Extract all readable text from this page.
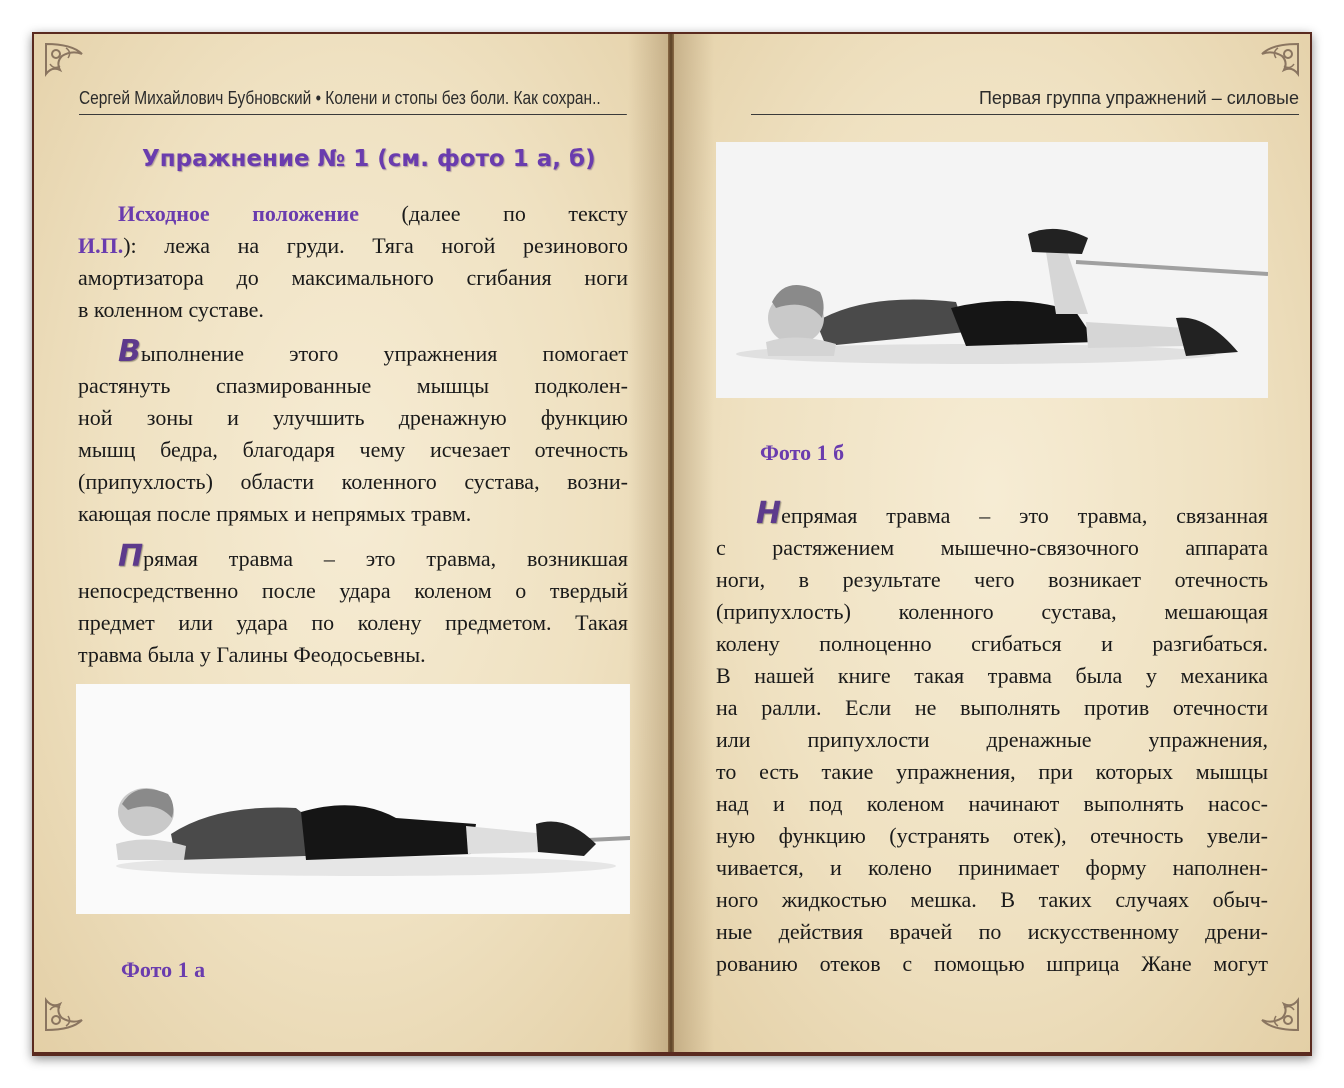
Сергей Михайлович Бубновский • Колени и стопы без боли. Как сохран..
Упражнение № 1 (см. фото 1 а, б)
Исходное положение (далее по тексту
И.П.): лежа на груди. Тяга ногой резинового
амортизатора до максимального сгибания ноги
в коленном суставе.
Выполнение этого упражнения помогает
растянуть спазмированные мышцы подколен-
ной зоны и улучшить дренажную функцию
мышц бедра, благодаря чему исчезает отечность
(припухлость) области коленного сустава, возни-
кающая после прямых и непрямых травм.
Прямая травма – это травма, возникшая
непосредственно после удара коленом о твердый
предмет или удара по колену предметом. Такая
травма была у Галины Феодосьевны.
Фото 1 а
Первая группа упражнений – силовые
Фото 1 б
Непрямая травма – это травма, связанная
с растяжением мышечно-связочного аппарата
ноги, в результате чего возникает отечность
(припухлость) коленного сустава, мешающая
колену полноценно сгибаться и разгибаться.
В нашей книге такая травма была у механика
на ралли. Если не выполнять против отечности
или припухлости дренажные упражнения,
то есть такие упражнения, при которых мышцы
над и под коленом начинают выполнять насос-
ную функцию (устранять отек), отечность увели-
чивается, и колено принимает форму наполнен-
ного жидкостью мешка. В таких случаях обыч-
ные действия врачей по искусственному дрени-
рованию отеков с помощью шприца Жане могут
